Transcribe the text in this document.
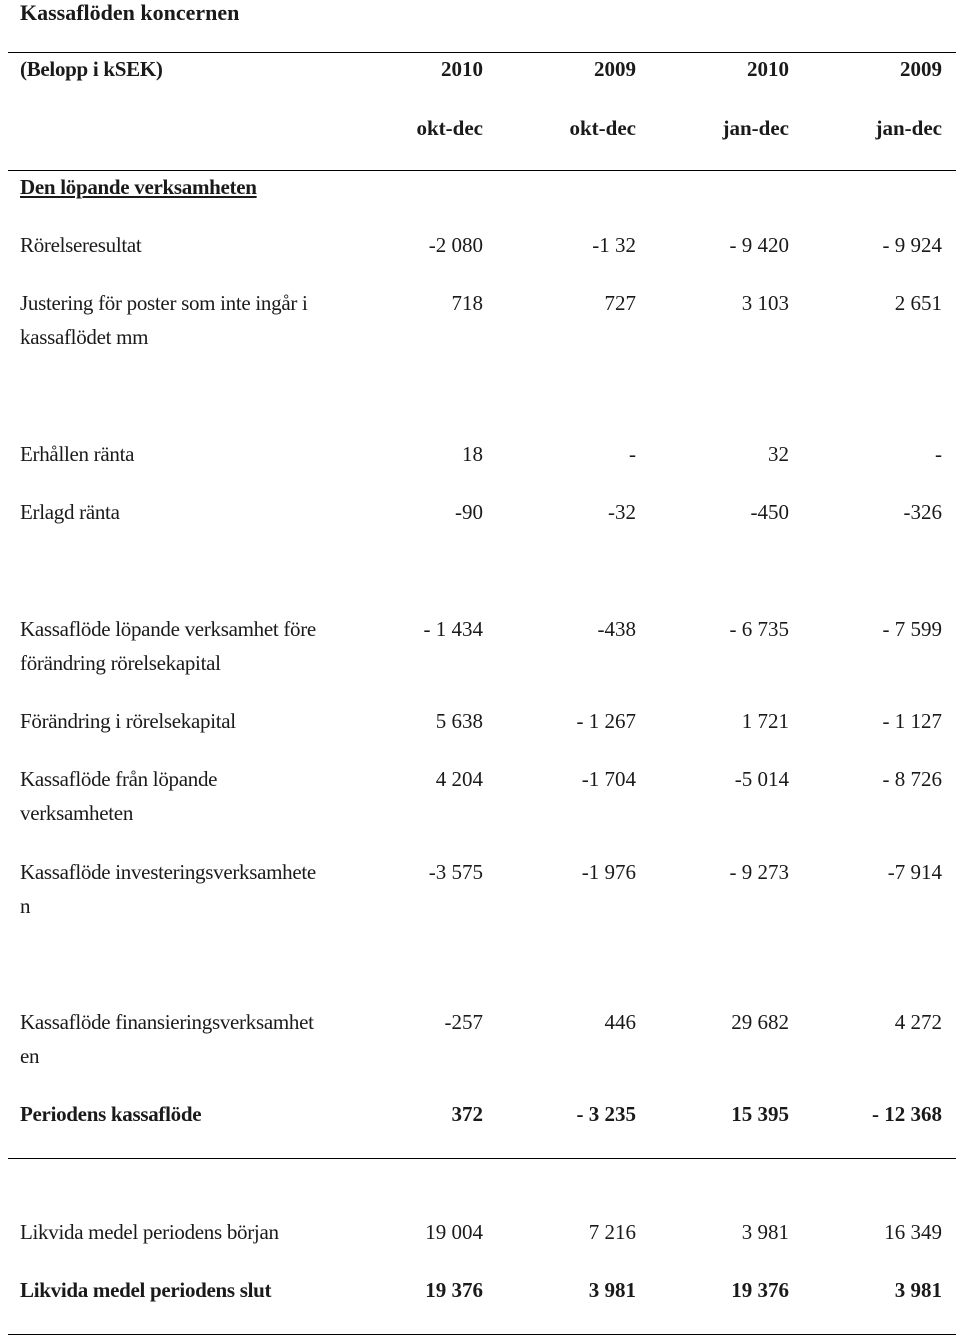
Kassaflöden koncernen
(Belopp i kSEK)	2010	2009	2010	2009
okt-dec	okt-dec	jan-dec	jan-dec
Den löpande verksamheten
Rörelseresultat	-2 080	-1 32	- 9 420	- 9 924
Justering för poster som inte ingår i kassaflödet mm
718	727	3 103	2 651
Erhållen ränta	18	-	32	-
Erlagd ränta	-90	-32	-450	-326
Kassaflöde löpande verksamhet före förändring rörelsekapital
- 1 434	-438	- 6 735	- 7 599
Förändring i rörelsekapital	5 638	- 1 267	1 721	- 1 127
Kassaflöde från löpande verksamheten
4 204	-1 704	-5 014	- 8 726
Kassaflöde investeringsverksamheten
-3 575	-1 976	- 9 273	-7 914
Kassaflöde finansieringsverksamheten
-257	446	29 682	4 272
Periodens kassaflöde	372	- 3 235	15 395	- 12 368
Likvida medel periodens början	19 004	7 216	3 981	16 349
Likvida medel periodens slut	19 376	3 981	19 376	3 981
